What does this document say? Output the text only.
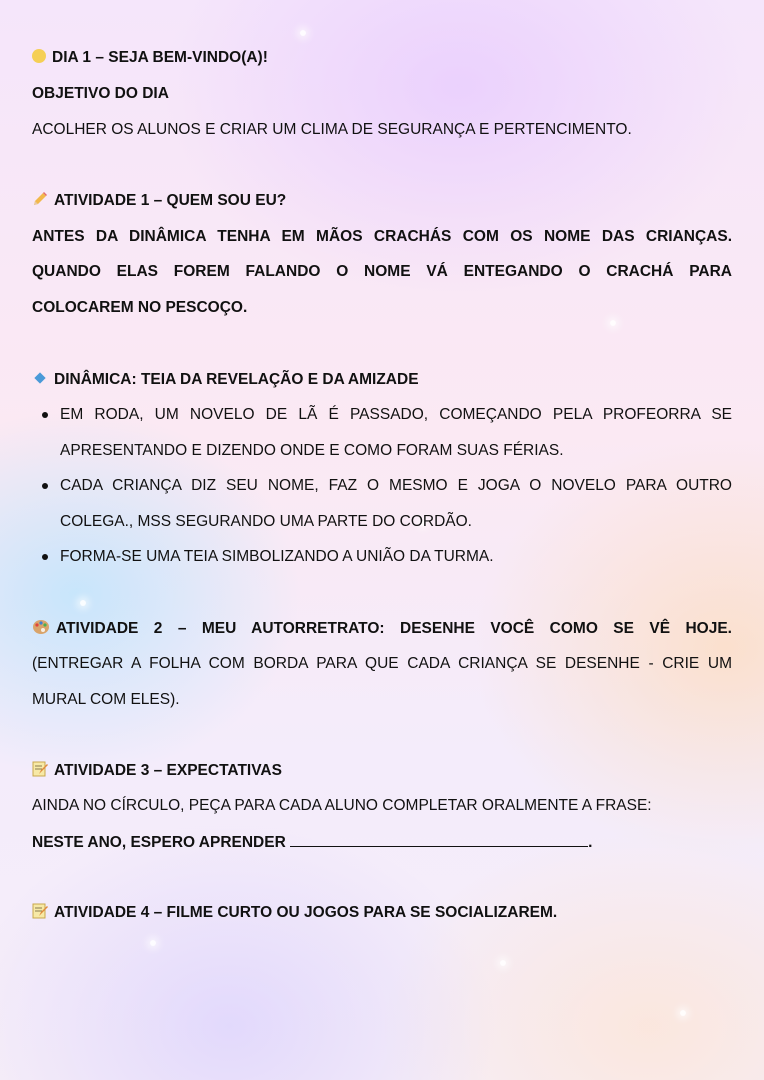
DIA 1 – SEJA BEM-VINDO(A)!
OBJETIVO DO DIA
ACOLHER OS ALUNOS E CRIAR UM CLIMA DE SEGURANÇA E PERTENCIMENTO.
ATIVIDADE 1 – QUEM SOU EU?
ANTES DA DINÂMICA TENHA EM MÃOS CRACHÁS COM OS NOME DAS CRIANÇAS.
QUANDO ELAS FOREM FALANDO O NOME VÁ ENTEGANDO O CRACHÁ PARA
COLOCAREM NO PESCOÇO.
DINÂMICA: TEIA DA REVELAÇÃO E DA AMIZADE
EM RODA, UM NOVELO DE LÃ É PASSADO, COMEÇANDO PELA PROFEORRA SE
APRESENTANDO E DIZENDO ONDE E COMO FORAM SUAS FÉRIAS.
CADA CRIANÇA DIZ SEU NOME, FAZ O MESMO E JOGA O NOVELO PARA OUTRO
COLEGA., MSS SEGURANDO UMA PARTE DO CORDÃO.
FORMA-SE UMA TEIA SIMBOLIZANDO A UNIÃO DA TURMA.
ATIVIDADE 2 – MEU AUTORRETRATO: DESENHE VOCÊ COMO SE VÊ HOJE.
(ENTREGAR A FOLHA COM BORDA PARA QUE CADA CRIANÇA SE DESENHE - CRIE UM
MURAL COM ELES).
ATIVIDADE 3 – EXPECTATIVAS
AINDA NO CÍRCULO, PEÇA PARA CADA ALUNO COMPLETAR ORALMENTE A FRASE:
NESTE ANO, ESPERO APRENDER	.
ATIVIDADE 4 – FILME CURTO OU JOGOS PARA SE SOCIALIZAREM.
